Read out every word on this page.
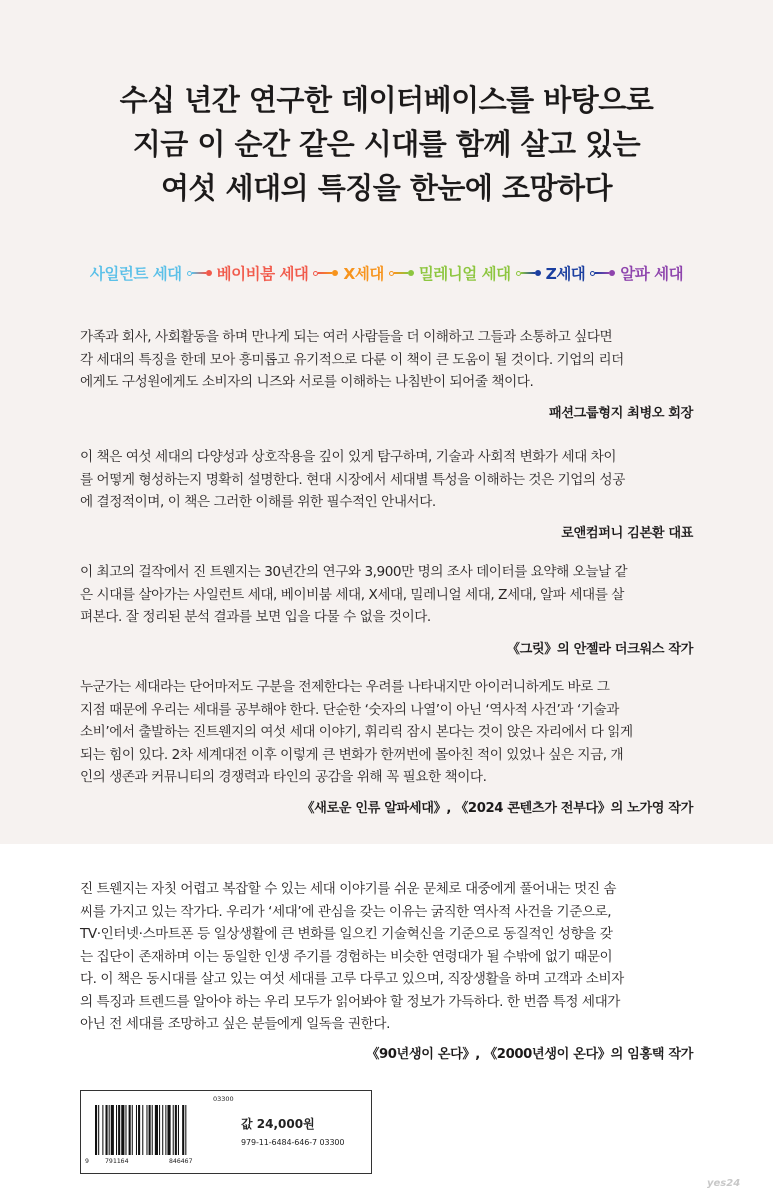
수십 년간 연구한 데이터베이스를 바탕으로
지금 이 순간 같은 시대를 함께 살고 있는
여섯 세대의 특징을 한눈에 조망하다
사일런트 세대 베이비붐 세대 X세대 밀레니얼 세대 Z세대 알파 세대

가족과 회사, 사회활동을 하며 만나게 되는 여러 사람들을 더 이해하고 그들과 소통하고 싶다면

각 세대의 특징을 한데 모아 흥미롭고 유기적으로 다룬 이 책이 큰 도움이 될 것이다. 기업의 리더

에게도 구성원에게도 소비자의 니즈와 서로를 이해하는 나침반이 되어줄 책이다.

패션그룹형지 최병오 회장

이 책은 여섯 세대의 다양성과 상호작용을 깊이 있게 탐구하며, 기술과 사회적 변화가 세대 차이

를 어떻게 형성하는지 명확히 설명한다. 현대 시장에서 세대별 특성을 이해하는 것은 기업의 성공

에 결정적이며, 이 책은 그러한 이해를 위한 필수적인 안내서다.

로앤컴퍼니 김본환 대표

이 최고의 걸작에서 진 트웬지는 30년간의 연구와 3,900만 명의 조사 데이터를 요약해 오늘날 같

은 시대를 살아가는 사일런트 세대, 베이비붐 세대, X세대, 밀레니얼 세대, Z세대, 알파 세대를 살

펴본다. 잘 정리된 분석 결과를 보면 입을 다물 수 없을 것이다.

《그릿》의 안젤라 더크워스 작가

누군가는 세대라는 단어마저도 구분을 전제한다는 우려를 나타내지만 아이러니하게도 바로 그

지점 때문에 우리는 세대를 공부해야 한다. 단순한 ‘숫자의 나열’이 아닌 ‘역사적 사건’과 ‘기술과

소비’에서 출발하는 진트웬지의 여섯 세대 이야기, 휘리릭 잠시 본다는 것이 앉은 자리에서 다 읽게

되는 힘이 있다. 2차 세계대전 이후 이렇게 큰 변화가 한꺼번에 몰아친 적이 있었나 싶은 지금, 개

인의 생존과 커뮤니티의 경쟁력과 타인의 공감을 위해 꼭 필요한 책이다.

《새로운 인류 알파세대》, 《2024 콘텐츠가 전부다》의 노가영 작가

진 트웬지는 자칫 어렵고 복잡할 수 있는 세대 이야기를 쉬운 문체로 대중에게 풀어내는 멋진 솜

씨를 가지고 있는 작가다. 우리가 ‘세대’에 관심을 갖는 이유는 굵직한 역사적 사건을 기준으로,

TV·인터넷·스마트폰 등 일상생활에 큰 변화를 일으킨 기술혁신을 기준으로 동질적인 성향을 갖

는 집단이 존재하며 이는 동일한 인생 주기를 경험하는 비슷한 연령대가 될 수밖에 없기 때문이

다. 이 책은 동시대를 살고 있는 여섯 세대를 고루 다루고 있으며, 직장생활을 하며 고객과 소비자

의 특징과 트렌드를 알아야 하는 우리 모두가 읽어봐야 할 정보가 가득하다. 한 번쯤 특정 세대가

아닌 전 세대를 조망하고 싶은 분들에게 일독을 권한다.

《90년생이 온다》, 《2000년생이 온다》의 임홍택 작가
03300
9 791164	846467
값 24,000원
979-11-6484-646-7 03300
yes24
